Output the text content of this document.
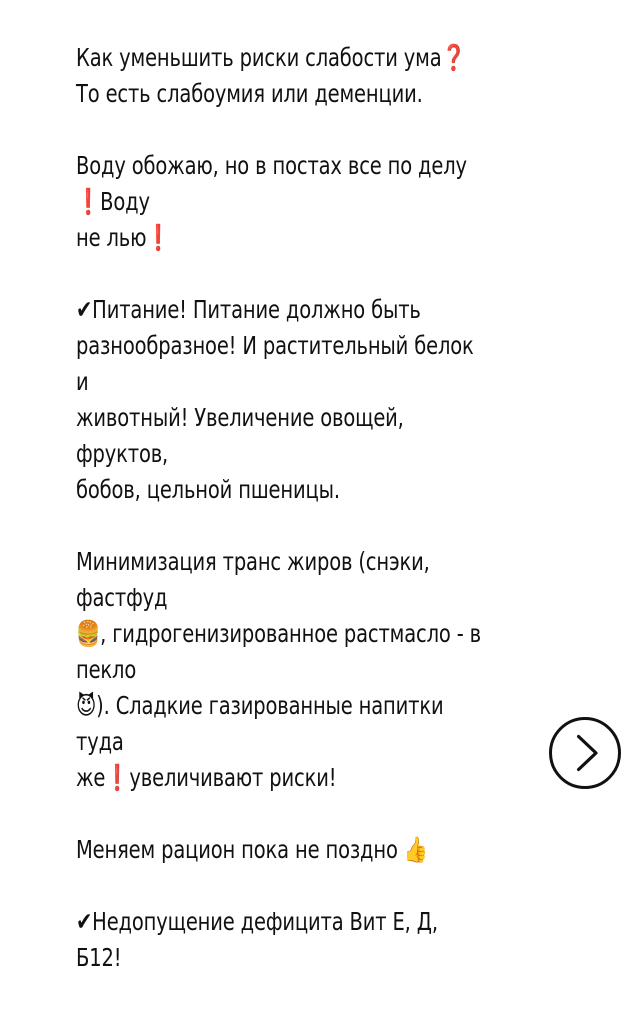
Как уменьшить риски слабости ума❓
То есть слабоумия или деменции.

Воду обожаю, но в постах все по делу ❗Воду
не лью❗

✔Питание! Питание должно быть
разнообразное! И растительный белок и
животный! Увеличение овощей, фруктов,
бобов, цельной пшеницы.

Минимизация транс жиров (снэки, фастфуд
🍔, гидрогенизированное растмасло - в пекло
😈). Сладкие газированные напитки туда
же❗увеличивают риски!

Меняем рацион пока не поздно 👍

✔Недопущение дефицита Вит Е, Д, Б12!
